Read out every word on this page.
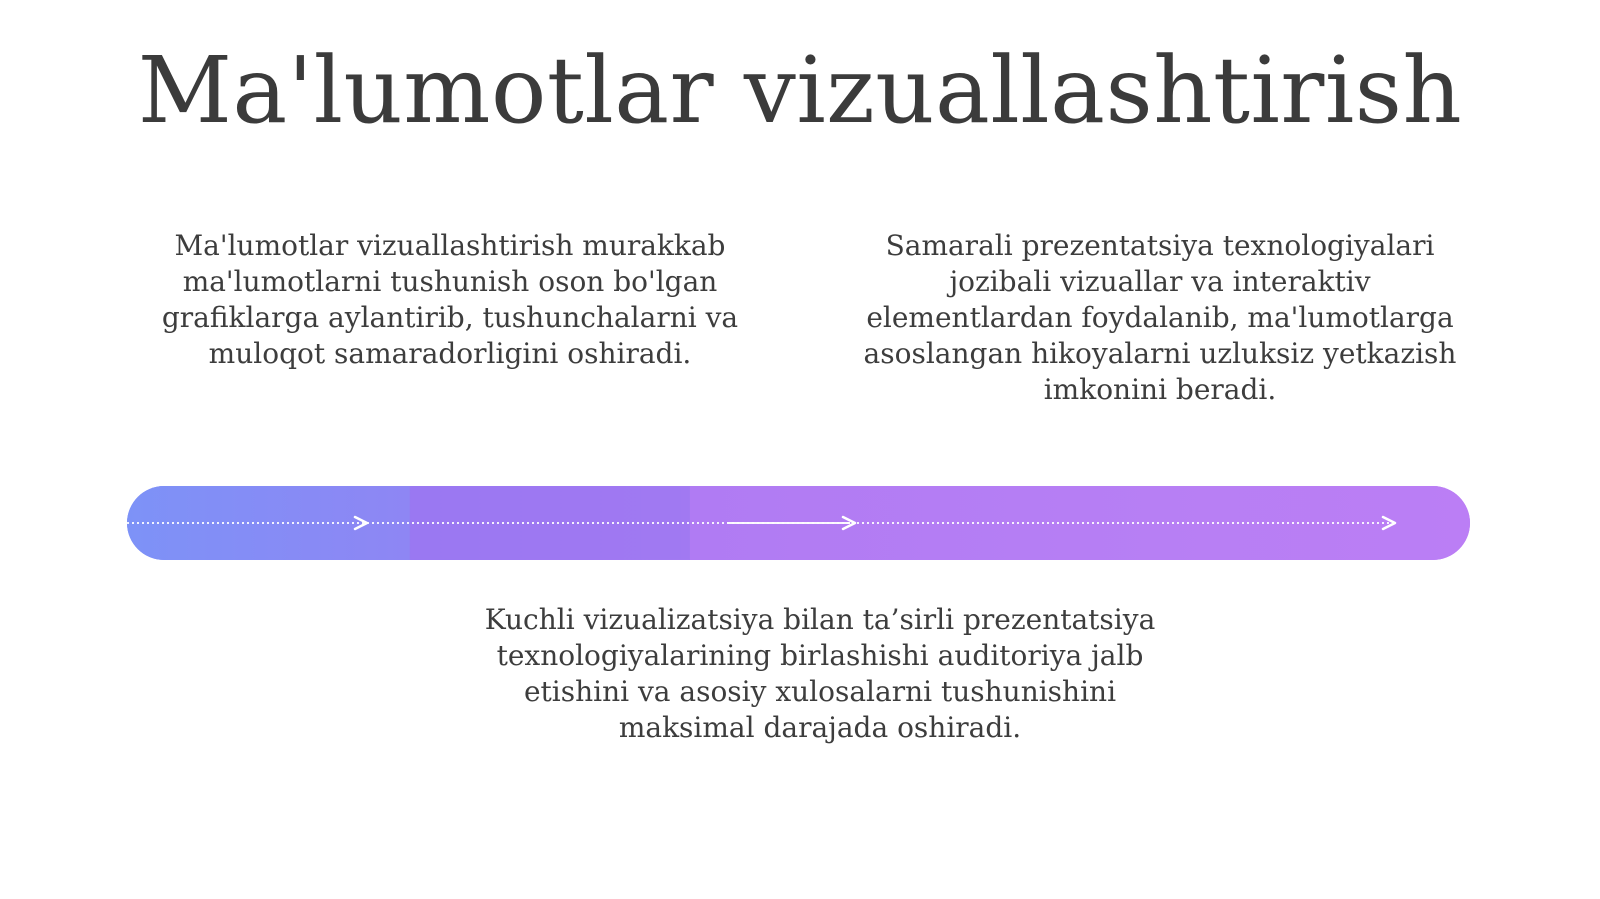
Ma'lumotlar vizuallashtirish
Ma'lumotlar vizuallashtirish murakkab ma'lumotlarni tushunish oson bo'lgan grafiklarga aylantirib, tushunchalarni va muloqot samaradorligini oshiradi.
Samarali prezentatsiya texnologiyalari jozibali vizuallar va interaktiv elementlardan foydalanib, ma'lumotlarga asoslangan hikoyalarni uzluksiz yetkazish imkonini beradi.
Kuchli vizualizatsiya bilan ta’sirli prezentatsiya texnologiyalarining birlashishi auditoriya jalb etishini va asosiy xulosalarni tushunishini maksimal darajada oshiradi.
